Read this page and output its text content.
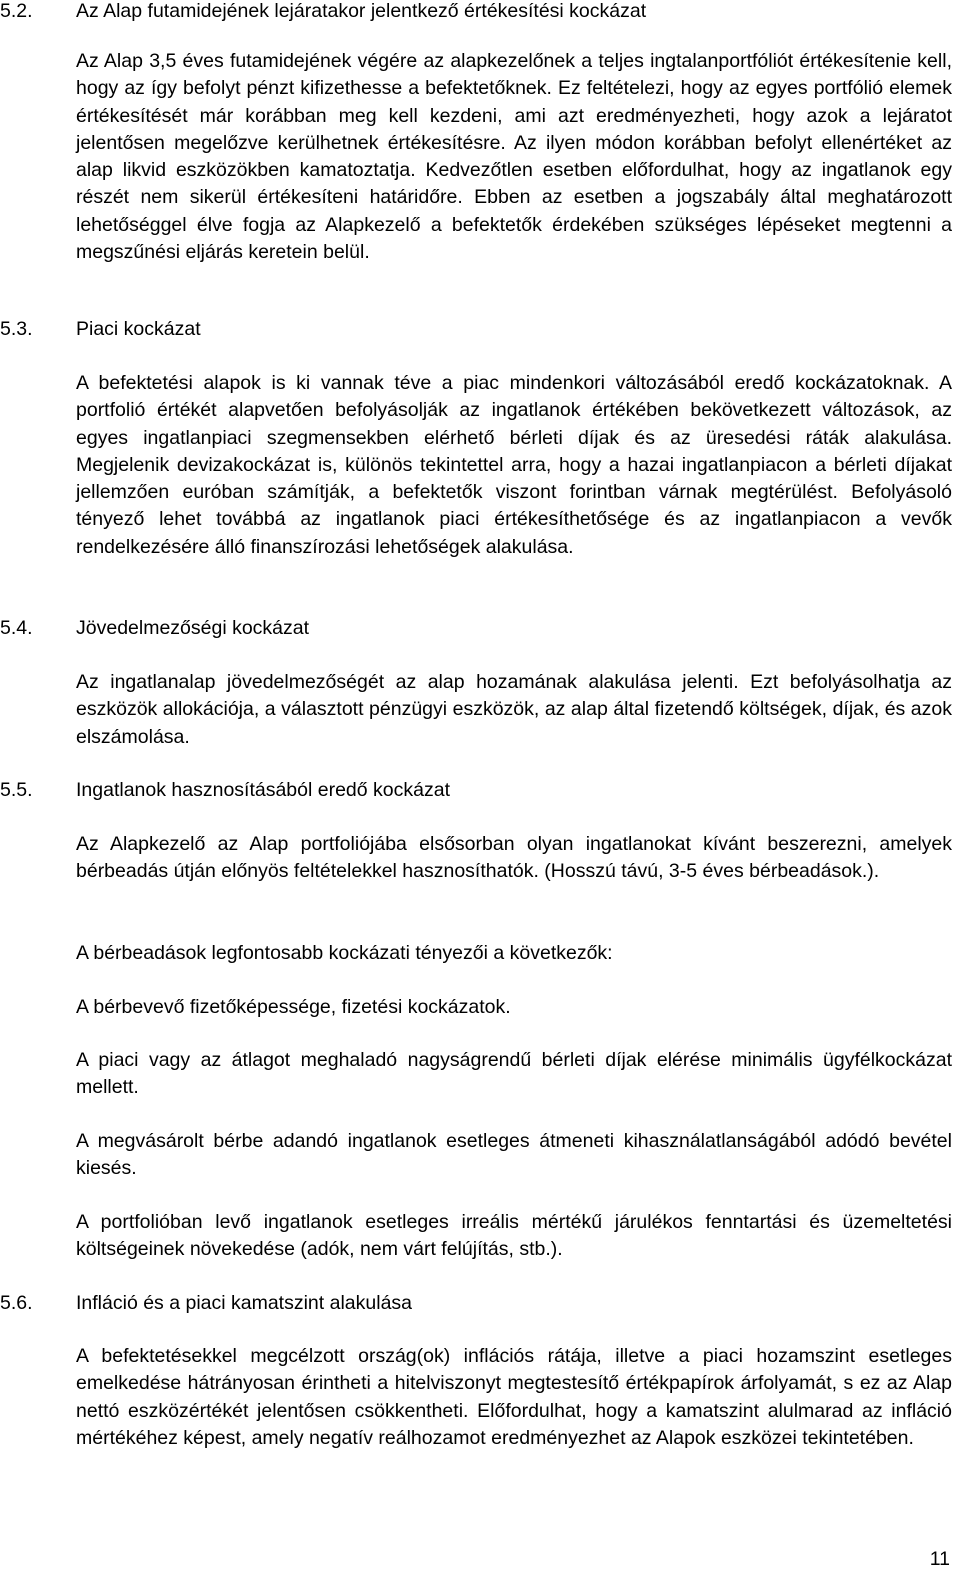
5.2. Az Alap futamidejének lejáratakor jelentkező értékesítési kockázat

Az Alap 3,5 éves futamidejének végére az alapkezelőnek a teljes ingtalanportfóliót értékesítenie kell, hogy az így befolyt pénzt kifizethesse a befektetőknek. Ez feltételezi, hogy az egyes portfólió elemek értékesítését már korábban meg kell kezdeni, ami azt eredményezheti, hogy azok a lejáratot jelentősen megelőzve kerülhetnek értékesítésre. Az ilyen módon korábban befolyt ellenértéket az alap likvid eszközökben kamatoztatja. Kedvezőtlen esetben előfordulhat, hogy az ingatlanok egy részét nem sikerül értékesíteni határidőre. Ebben az esetben a jogszabály által meghatározott lehetőséggel élve fogja az Alapkezelő a befektetők érdekében szükséges lépéseket megtenni a megszűnési eljárás keretein belül.

5.3. Piaci kockázat

A befektetési alapok is ki vannak téve a piac mindenkori változásából eredő kockázatoknak. A portfolió értékét alapvetően befolyásolják az ingatlanok értékében bekövetkezett változások, az egyes ingatlanpiaci szegmensekben elérhető bérleti díjak és az üresedési ráták alakulása. Megjelenik devizakockázat is, különös tekintettel arra, hogy a hazai ingatlanpiacon a bérleti díjakat jellemzően euróban számítják, a befektetők viszont forintban várnak megtérülést. Befolyásoló tényező lehet továbbá az ingatlanok piaci értékesíthetősége és az ingatlanpiacon a vevők rendelkezésére álló finanszírozási lehetőségek alakulása.

5.4. Jövedelmezőségi kockázat

Az ingatlanalap jövedelmezőségét az alap hozamának alakulása jelenti. Ezt befolyásolhatja az eszközök allokációja, a választott pénzügyi eszközök, az alap által fizetendő költségek, díjak, és azok elszámolása.

5.5. Ingatlanok hasznosításából eredő kockázat

Az Alapkezelő az Alap portfoliójába elsősorban olyan ingatlanokat kívánt beszerezni, amelyek bérbeadás útján előnyös feltételekkel hasznosíthatók. (Hosszú távú, 3-5 éves bérbeadások.).

A bérbeadások legfontosabb kockázati tényezői a következők:

A bérbevevő fizetőképessége, fizetési kockázatok.

A piaci vagy az átlagot meghaladó nagyságrendű bérleti díjak elérése minimális ügyfélkockázat mellett.

A megvásárolt bérbe adandó ingatlanok esetleges átmeneti kihasználatlanságából adódó bevétel kiesés.

A portfolióban levő ingatlanok esetleges irreális mértékű járulékos fenntartási és üzemeltetési költségeinek növekedése (adók, nem várt felújítás, stb.).

5.6. Infláció és a piaci kamatszint alakulása

A befektetésekkel megcélzott ország(ok) inflációs rátája, illetve a piaci hozamszint esetleges emelkedése hátrányosan érintheti a hitelviszonyt megtestesítő értékpapírok árfolyamát, s ez az Alap nettó eszközértékét jelentősen csökkentheti. Előfordulhat, hogy a kamatszint alulmarad az infláció mértékéhez képest, amely negatív reálhozamot eredményezhet az Alapok eszközei tekintetében.

11
